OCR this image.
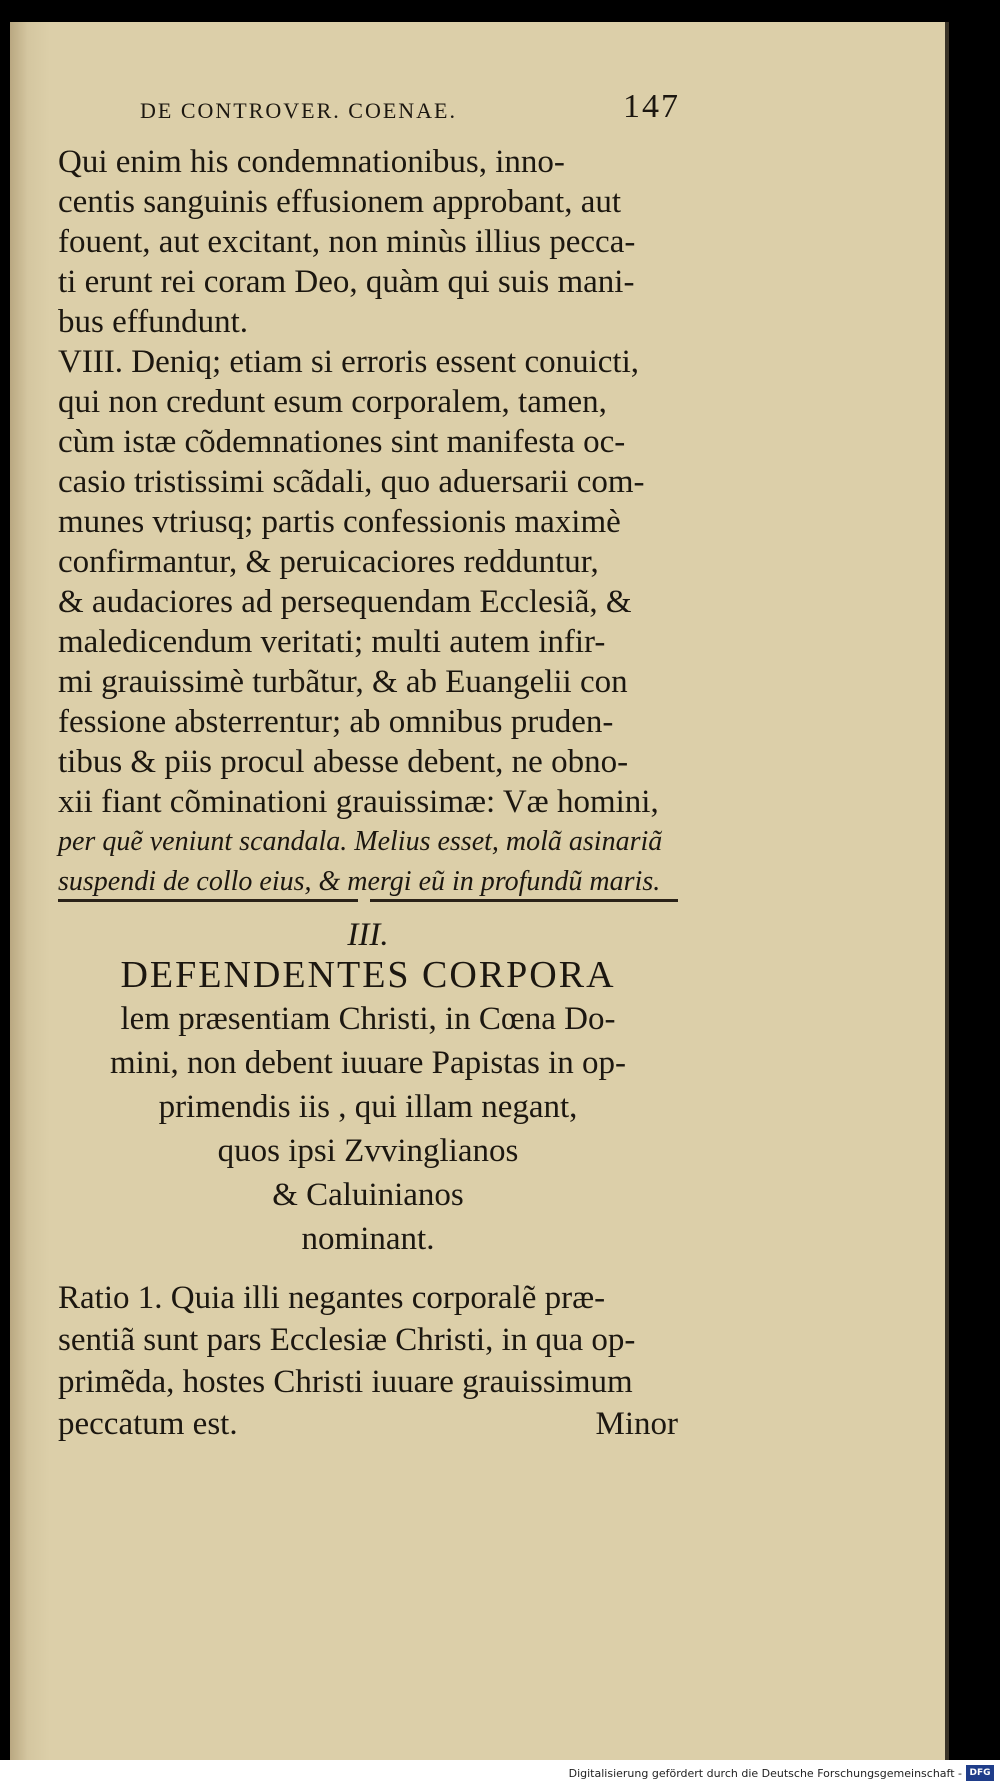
DE CONTROVER. COENAE.	147
Qui enim his condemnationibus, inno-
centis sanguinis effusionem approbant, aut
fouent, aut excitant, non minùs illius pecca-
ti erunt rei coram Deo, quàm qui suis mani-
bus effundunt.
VIII. Deniq; etiam si erroris essent conuicti,
qui non credunt esum corporalem, tamen,
cùm istæ cõdemnationes sint manifesta oc-
casio tristissimi scãdali, quo aduersarii com-
munes vtriusq; partis confessionis maximè
confirmantur, & peruicaciores redduntur,
& audaciores ad persequendam Ecclesiã, &
maledicendum veritati; multi autem infir-
mi grauissimè turbãtur, & ab Euangelii con
fessione absterrentur; ab omnibus pruden-
tibus & piis procul abesse debent, ne obno-
xii fiant cõminationi grauissimæ: Væ homini,
per quẽ veniunt scandala. Melius esset, molã asinariã
suspendi de collo eius, & mergi eũ in profundũ maris.
III.
DEFENDENTES CORPORA
lem præsentiam Christi, in Cœna Do-
mini, non debent iuuare Papistas in op-
primendis iis , qui illam negant,
quos ipsi Zvvinglianos
& Caluinianos
nominant.
Ratio 1. Quia illi negantes corporalẽ præ-
sentiã sunt pars Ecclesiæ Christi, in qua op-
primẽda, hostes Christi iuuare grauissimum
peccatum est.	Minor
Digitalisierung gefördert durch die Deutsche Forschungsgemeinschaft - DFG
